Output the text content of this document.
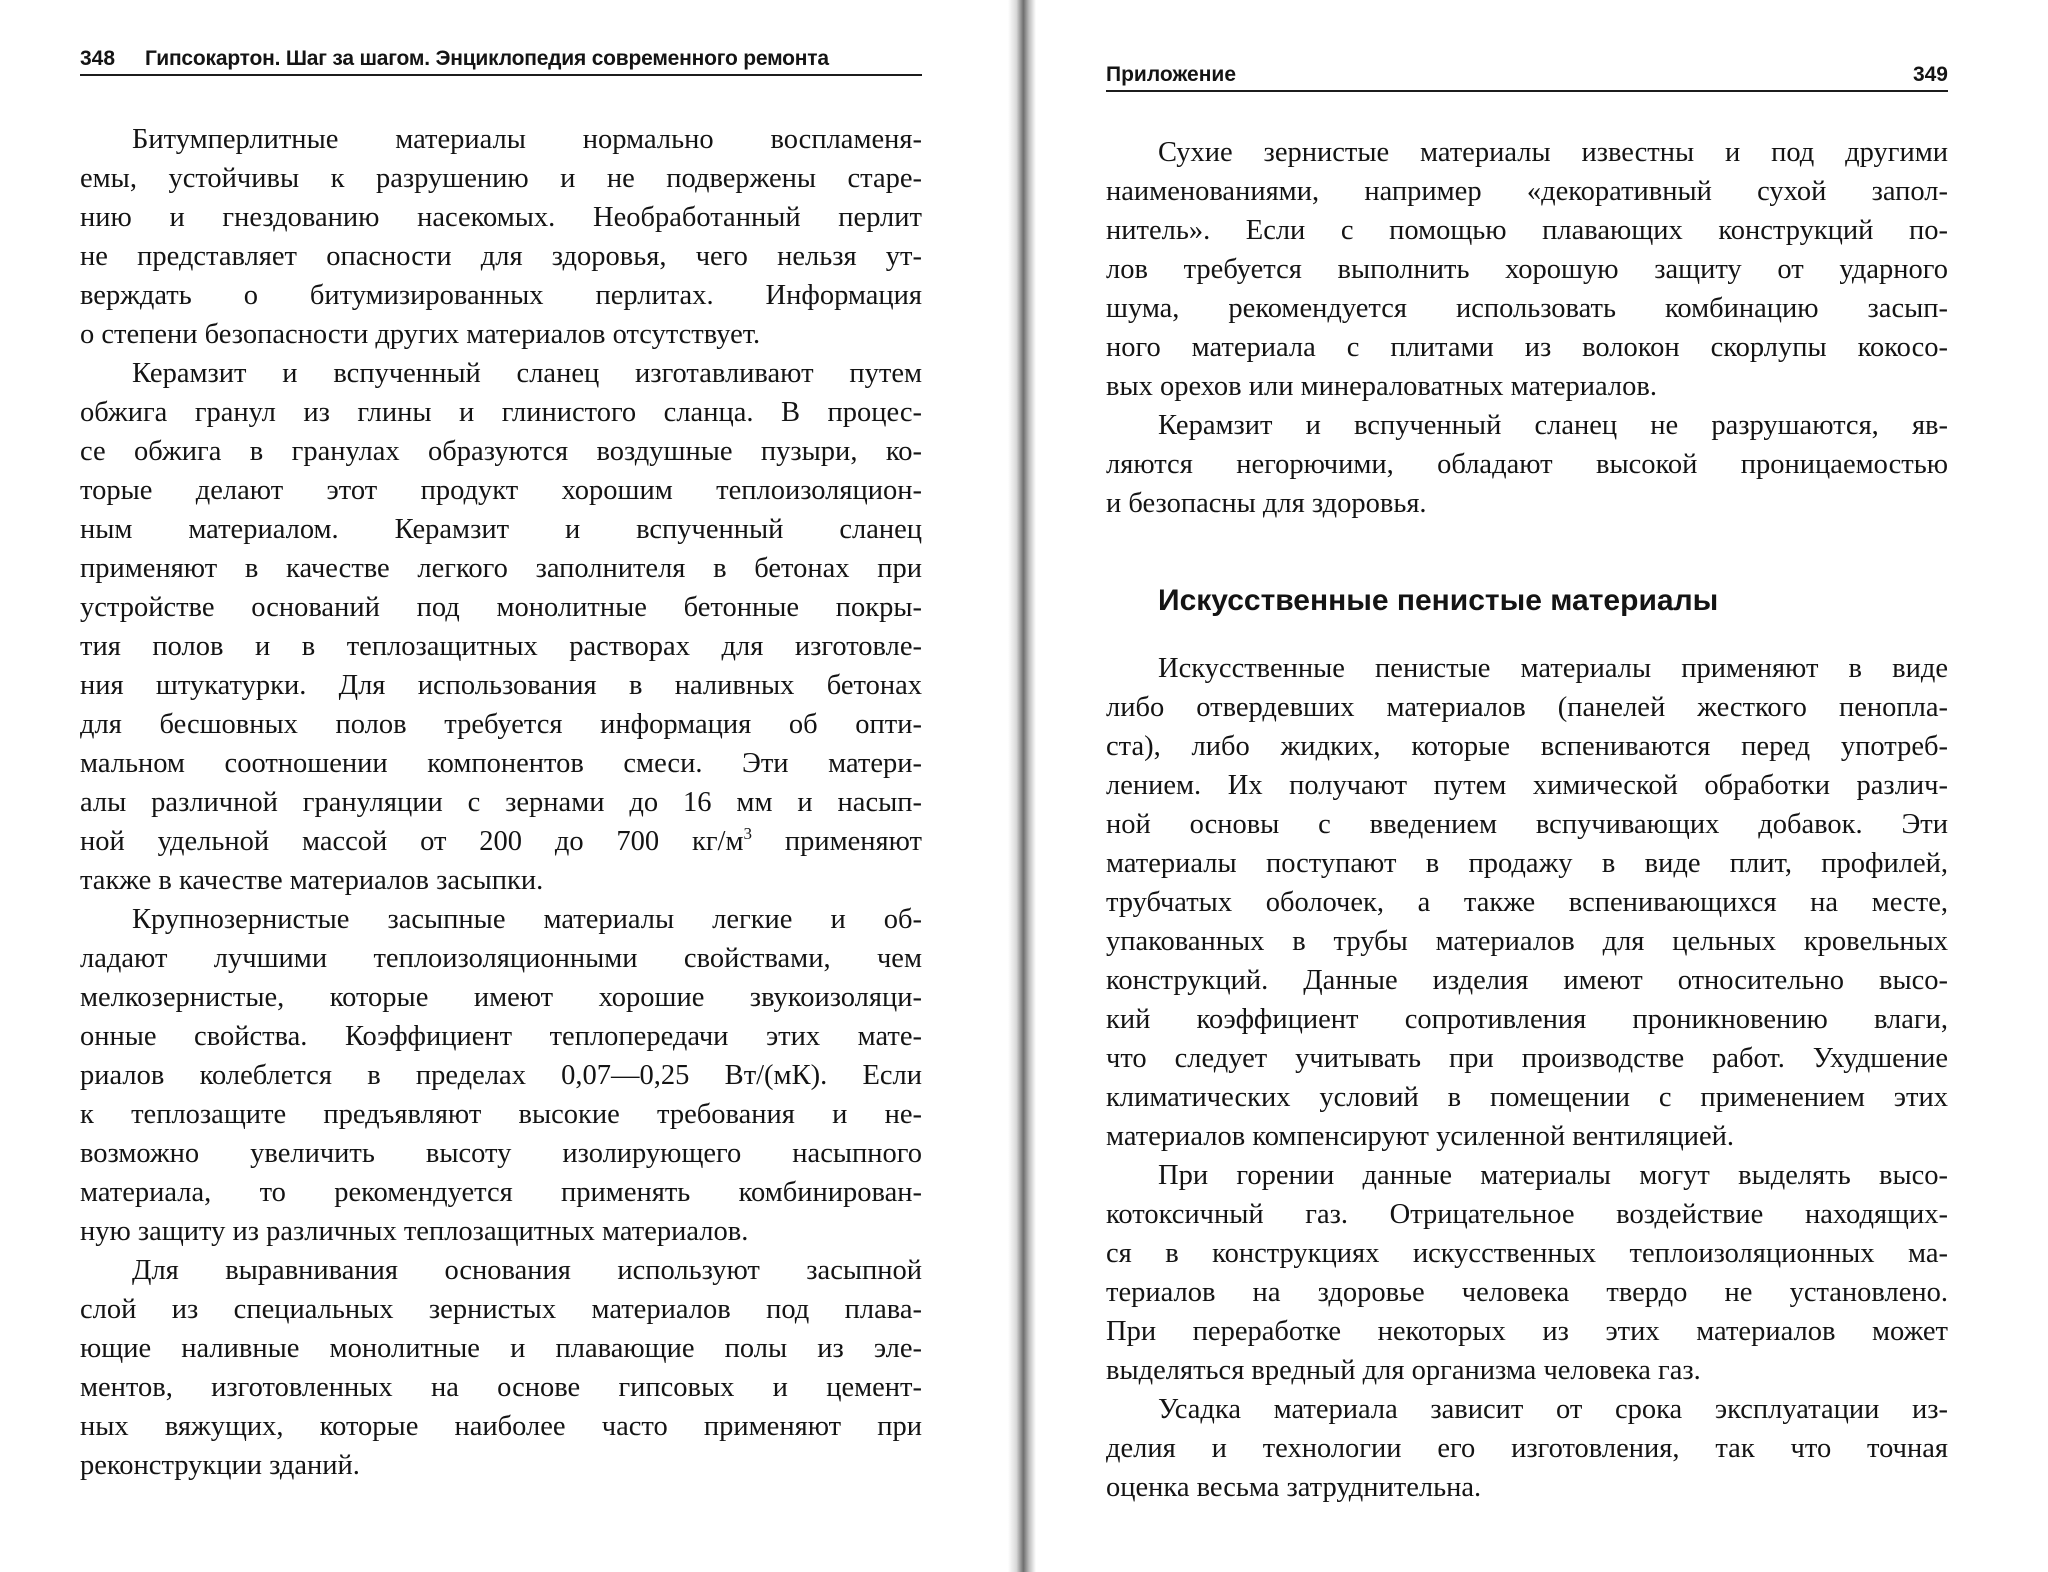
348 Гипсокартон. Шаг за шагом. Энциклопедия современного ремонта

Битумперлитные материалы нормально воспламеня-
емы, устойчивы к разрушению и не подвержены старе-
нию и гнездованию насекомых. Необработанный перлит
не представляет опасности для здоровья, чего нельзя ут-
верждать о битумизированных перлитах. Информация
о степени безопасности других материалов отсутствует.

Керамзит и вспученный сланец изготавливают путем
обжига гранул из глины и глинистого сланца. В процес-
се обжига в гранулах образуются воздушные пузыри, ко-
торые делают этот продукт хорошим теплоизоляцион-
ным материалом. Керамзит и вспученный сланец
применяют в качестве легкого заполнителя в бетонах при
устройстве оснований под монолитные бетонные покры-
тия полов и в теплозащитных растворах для изготовле-
ния штукатурки. Для использования в наливных бетонах
для бесшовных полов требуется информация об опти-
мальном соотношении компонентов смеси. Эти матери-
алы различной грануляции с зернами до 16 мм и насып-
ной удельной массой от 200 до 700 $кг/м^3$ применяют
также в качестве материалов засыпки.

Крупнозернистые засыпные материалы легкие и об-
ладают лучшими теплоизоляционными свойствами, чем
мелкозернистые, которые имеют хорошие звукоизоляци-
онные свойства. Коэффициент теплопередачи этих мате-
риалов колеблется в пределах 0,07—0,25 Вт/(мК). Если
к теплозащите предъявляют высокие требования и не-
возможно увеличить высоту изолирующего насыпного
материала, то рекомендуется применять комбинирован-
ную защиту из различных теплозащитных материалов.

Для выравнивания основания используют засыпной
слой из специальных зернистых материалов под плава-
ющие наливные монолитные и плавающие полы из эле-
ментов, изготовленных на основе гипсовых и цемент-
ных вяжущих, которые наиболее часто применяют при
реконструкции зданий.

Приложение	349

Сухие зернистые материалы известны и под другими
наименованиями, например «декоративный сухой запол-
нитель». Если с помощью плавающих конструкций по-
лов требуется выполнить хорошую защиту от ударного
шума, рекомендуется использовать комбинацию засып-
ного материала с плитами из волокон скорлупы кокосо-
вых орехов или минераловатных материалов.

Керамзит и вспученный сланец не разрушаются, яв-
ляются негорючими, обладают высокой проницаемостью
и безопасны для здоровья.

Искусственные пенистые материалы

Искусственные пенистые материалы применяют в виде
либо отвердевших материалов (панелей жесткого пенопла-
ста), либо жидких, которые вспениваются перед употреб-
лением. Их получают путем химической обработки различ-
ной основы с введением вспучивающих добавок. Эти
материалы поступают в продажу в виде плит, профилей,
трубчатых оболочек, а также вспенивающихся на месте,
упакованных в трубы материалов для цельных кровельных
конструкций. Данные изделия имеют относительно высо-
кий коэффициент сопротивления проникновению влаги,
что следует учитывать при производстве работ. Ухудшение
климатических условий в помещении с применением этих
материалов компенсируют усиленной вентиляцией.

При горении данные материалы могут выделять высо-
котоксичный газ. Отрицательное воздействие находящих-
ся в конструкциях искусственных теплоизоляционных ма-
териалов на здоровье человека твердо не установлено.
При переработке некоторых из этих материалов может
выделяться вредный для организма человека газ.

Усадка материала зависит от срока эксплуатации из-
делия и технологии его изготовления, так что точная
оценка весьма затруднительна.
